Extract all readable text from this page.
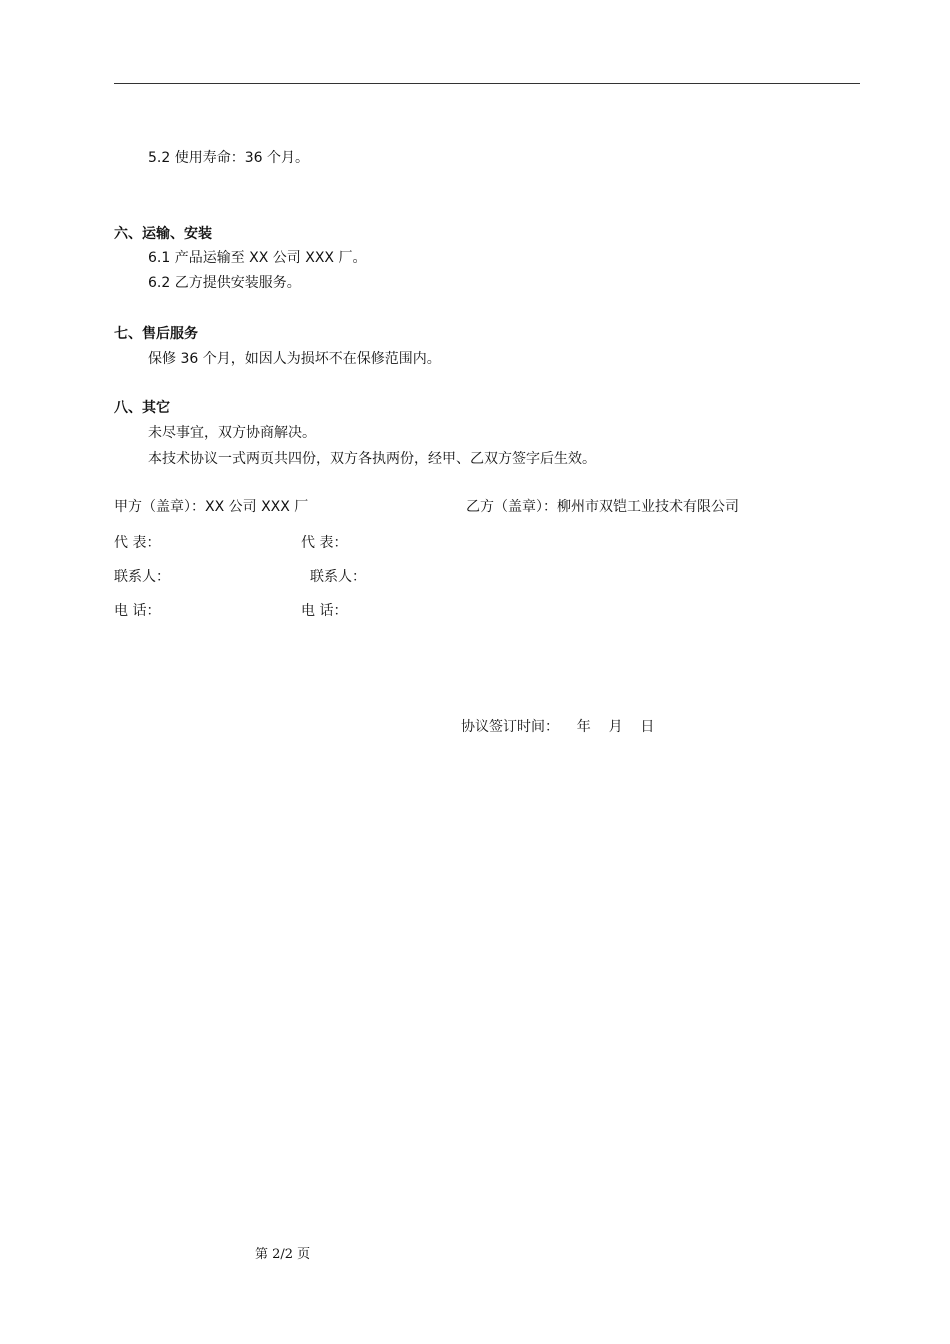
5.2 使用寿命：36 个月。
六、运输、安装
6.1 产品运输至 XX 公司 XXX 厂。
6.2 乙方提供安装服务。
七、售后服务
保修 36 个月，如因人为损坏不在保修范围内。
八、其它
未尽事宜，双方协商解决。
本技术协议一式两页共四份，双方各执两份，经甲、乙双方签字后生效。
甲方（盖章）：XX 公司 XXX 厂	乙方（盖章）：柳州市双铠工业技术有限公司
代 表：	代 表：
联系人：	联系人：
电 话：	电 话：
协议签订时间：    年    月    日
第 2/2 页
